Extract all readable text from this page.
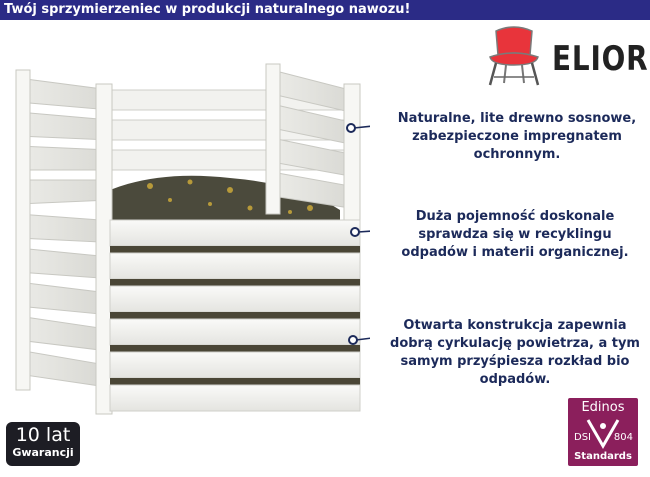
Twój sprzymierzeniec w produkcji naturalnego nawozu!
ELIOR
Naturalne, lite drewno sosnowe, zabezpieczone impregnatem ochronnym.
Duża pojemność doskonale sprawdza się w recyklingu odpadów i materii organicznej.
Otwarta konstrukcja zapewnia dobrą cyrkulację powietrza, a tym samym przyśpiesza rozkład bio odpadów.
10 lat
Gwarancji
Edinos
DSI 804
Standards
